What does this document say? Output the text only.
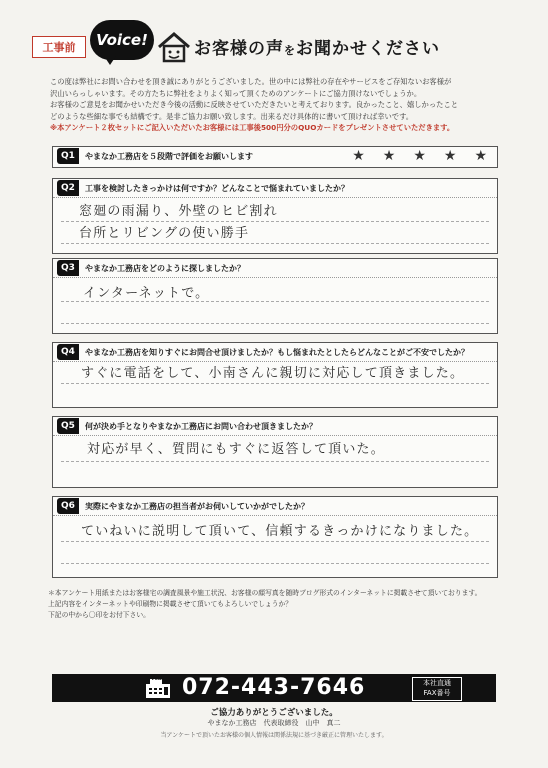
工事前	Voice!	お客様の声をお聞かせください

この度は弊社にお問い合わせを頂き誠にありがとうございました。世の中には弊社の存在やサービスをご存知ないお客様が

沢山いらっしゃいます。その方たちに弊社をよりよく知って頂くためのアンケートにご協力頂けないでしょうか。

お客様のご意見をお聞かせいただき今後の活動に反映させていただきたいと考えております。良かったこと、嬉しかったこと

どのような些細な事でも結構です。是非ご協力お願い致します。出来るだけ具体的に書いて頂ければ幸いです。

※本アンケート２枚セットにご記入いただいたお客様には工事後500円分のQUOカードをプレゼントさせていただきます。

Q1	やまなか工務店を５段階で評価をお願いします	★ ★ ★ ★ ★
Q2	工事を検討したきっかけは何ですか？どんなことで悩まれていましたか？
窓廻の雨漏り、外壁のヒビ割れ
台所とリビングの使い勝手
Q3	やまなか工務店をどのように探しましたか？
インターネットで。
Q4	やまなか工務店を知りすぐにお問合せ頂けましたか？もし悩まれたとしたらどんなことがご不安でしたか？
すぐに電話をして、小南さんに親切に対応して頂きました。
Q5	何が決め手となりやまなか工務店にお問い合わせ頂きましたか？
対応が早く、質問にもすぐに返答して頂いた。
Q6	実際にやまなか工務店の担当者がお伺いしていかがでしたか？
ていねいに説明して頂いて、信頼するきっかけになりました。

＊本アンケート用紙またはお客様宅の調査風景や施工状況、お客様の顔写真を随時ブログ形式のインターネットに掲載させて頂いております。

上記内容をインターネットや印刷物に掲載させて頂いてもよろしいでしょうか？

下記の中から〇印をお付下さい。

FAX 072-443-7646	本社直通
FAX番号
ご協力ありがとうございました。
やまなか工務店　代表取締役　山中　真二
当アンケートで頂いたお客様の個人情報は関係法規に基づき厳正に管理いたします。
